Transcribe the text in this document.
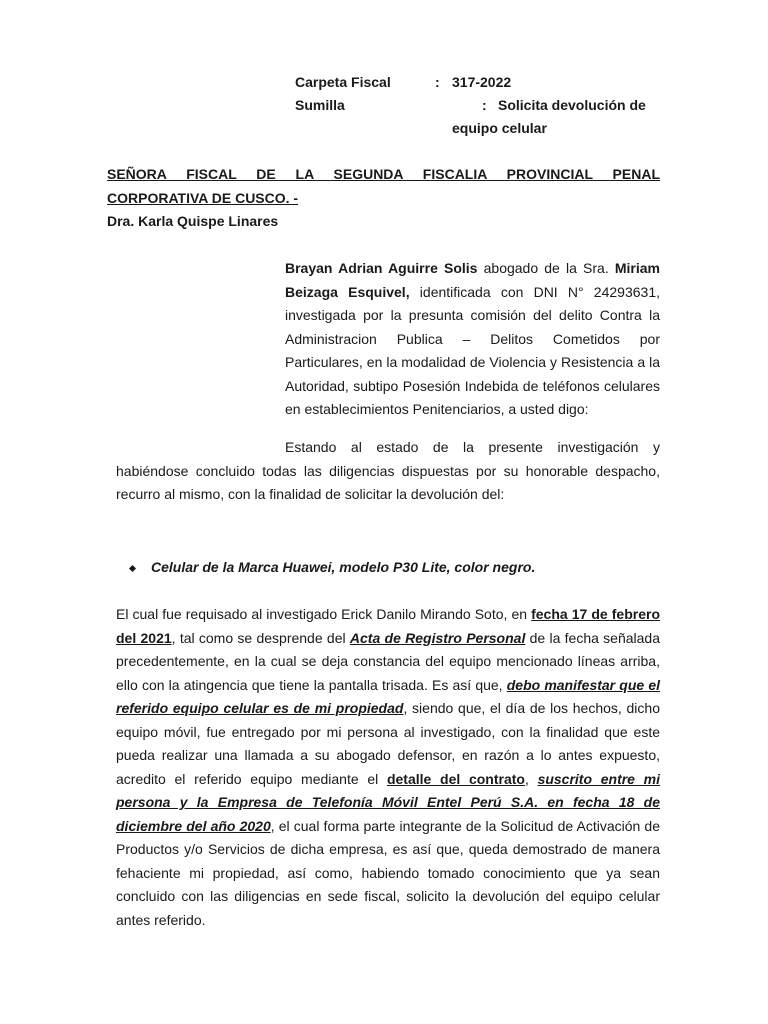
Carpeta Fiscal	: 317-2022
Sumilla	: Solicita devolución de
equipo celular
SEÑORA FISCAL DE LA SEGUNDA FISCALIA PROVINCIAL PENAL
CORPORATIVA DE CUSCO. -
Dra. Karla Quispe Linares
Brayan Adrian Aguirre Solis abogado de la Sra. Miriam Beizaga Esquivel, identificada con DNI N° 24293631, investigada por la presunta comisión del delito Contra la Administracion Publica – Delitos Cometidos por Particulares, en la modalidad de Violencia y Resistencia a la Autoridad, subtipo Posesión Indebida de teléfonos celulares en establecimientos Penitenciarios, a usted digo:
Estando al estado de la presente investigación y habiéndose concluido todas las diligencias dispuestas por su honorable despacho, recurro al mismo, con la finalidad de solicitar la devolución del:
Celular de la Marca Huawei, modelo P30 Lite, color negro.
El cual fue requisado al investigado Erick Danilo Mirando Soto, en fecha 17 de febrero del 2021, tal como se desprende del Acta de Registro Personal de la fecha señalada precedentemente, en la cual se deja constancia del equipo mencionado líneas arriba, ello con la atingencia que tiene la pantalla trisada. Es así que, debo manifestar que el referido equipo celular es de mi propiedad, siendo que, el día de los hechos, dicho equipo móvil, fue entregado por mi persona al investigado, con la finalidad que este pueda realizar una llamada a su abogado defensor, en razón a lo antes expuesto, acredito el referido equipo mediante el detalle del contrato, suscrito entre mi persona y la Empresa de Telefonía Móvil Entel Perú S.A. en fecha 18 de diciembre del año 2020, el cual forma parte integrante de la Solicitud de Activación de Productos y/o Servicios de dicha empresa, es así que, queda demostrado de manera fehaciente mi propiedad, así como, habiendo tomado conocimiento que ya sean concluido con las diligencias en sede fiscal, solicito la devolución del equipo celular antes referido.
